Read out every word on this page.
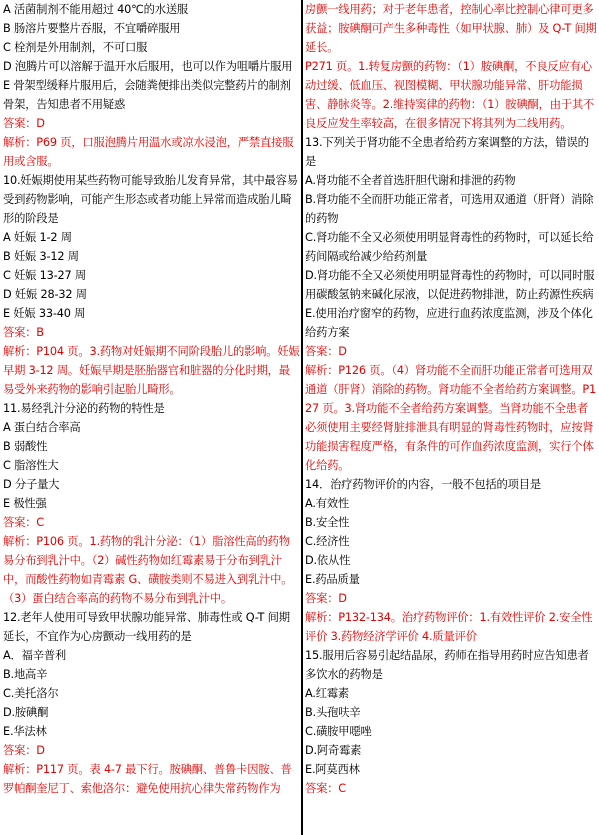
A 活菌制剂不能用超过 40℃的水送服
B 肠溶片要整片吞服，不宜嚼碎服用
C 栓剂是外用制剂，不可口服
D 泡腾片可以溶解于温开水后服用，也可以作为咀嚼片服用
E 骨架型缓释片服用后，会随粪便排出类似完整药片的制剂骨架，告知患者不用疑惑
答案：D
解析：P69 页，口服泡腾片用温水或凉水浸泡，严禁直接服用或含服。
10.妊娠期使用某些药物可能导致胎儿发育异常，其中最容易受到药物影响，可能产生形态或者功能上异常而造成胎儿畸形的阶段是
A 妊娠 1-2 周
B 妊娠 3-12 周
C 妊娠 13-27 周
D 妊娠 28-32 周
E 妊娠 33-40 周
答案：B
解析：P104 页。3.药物对妊娠期不同阶段胎儿的影响。妊娠早期 3-12 周。妊娠早期是胚胎器官和脏器的分化时期，最易受外来药物的影响引起胎儿畸形。
11.易经乳汁分泌的药物的特性是
A 蛋白结合率高
B 弱酸性
C 脂溶性大
D 分子量大
E 极性强
答案：C
解析：P106 页。1.药物的乳汁分泌：（1）脂溶性高的药物易分布到乳汁中。（2）碱性药物如红霉素易于分布到乳汁中，而酸性药物如青霉素 G、磺胺类则不易进入到乳汁中。（3）蛋白结合率高的药物不易分布到乳汁中。
12.老年人使用可导致甲状腺功能异常、肺毒性或 Q-T 间期延长，不宜作为心房颤动一线用药的是
A．福辛普利
B.地高辛
C.美托洛尔
D.胺碘酮
E.华法林
答案：D
解析：P117 页。表 4-7 最下行。胺碘酮、普鲁卡因胺、普罗帕酮奎尼丁、索他洛尔：避免使用抗心律失常药物作为
房颤一线用药；对于老年患者，控制心率比控制心律可更多获益；胺碘酮可产生多种毒性（如甲状腺、肺）及 Q-T 间期延长。
P271 页。1.转复房颤的药物：（1）胺碘酮，不良反应有心动过缓、低血压、视图模糊、甲状腺功能异常、肝功能损害、静脉炎等。2.维持窦律的药物：（1）胺碘酮，由于其不良反应发生率较高，在很多情况下将其列为二线用药。
13.下列关于肾功能不全患者给药方案调整的方法，错误的是
A.肾功能不全者首选肝胆代谢和排泄的药物
B.肾功能不全而肝功能正常者，可选用双通道（肝肾）消除的药物
C.肾功能不全又必须使用明显肾毒性的药物时，可以延长给药间隔或给减少给药剂量
D.肾功能不全又必须使用明显肾毒性的药物时，可以同时服用碳酸氢钠来碱化尿液，以促进药物排泄，防止药源性疾病
E.使用治疗窗窄的药物，应进行血药浓度监测，涉及个体化给药方案
答案：D
解析：P126 页。（4）肾功能不全而肝功能正常者可选用双通道（肝肾）消除的药物。肾功能不全者给药方案调整。P127 页。3.肾功能不全者给药方案调整。当肾功能不全患者必须使用主要经肾脏排泄具有明显的肾毒性药物时，应按肾功能损害程度严格，有条件的可作血药浓度监测，实行个体化给药。
14．治疗药物评价的内容，一般不包括的项目是
A.有效性
B.安全性
C.经济性
D.依从性
E.药品质量
答案：D
解析：P132-134。治疗药物评价：1.有效性评价 2.安全性评价 3.药物经济学评价 4.质量评价
15.服用后容易引起结晶尿，药师在指导用药时应告知患者多饮水的药物是
A.红霉素
B.头孢呋辛
C.磺胺甲噁唑
D.阿奇霉素
E.阿莫西林
答案：C
